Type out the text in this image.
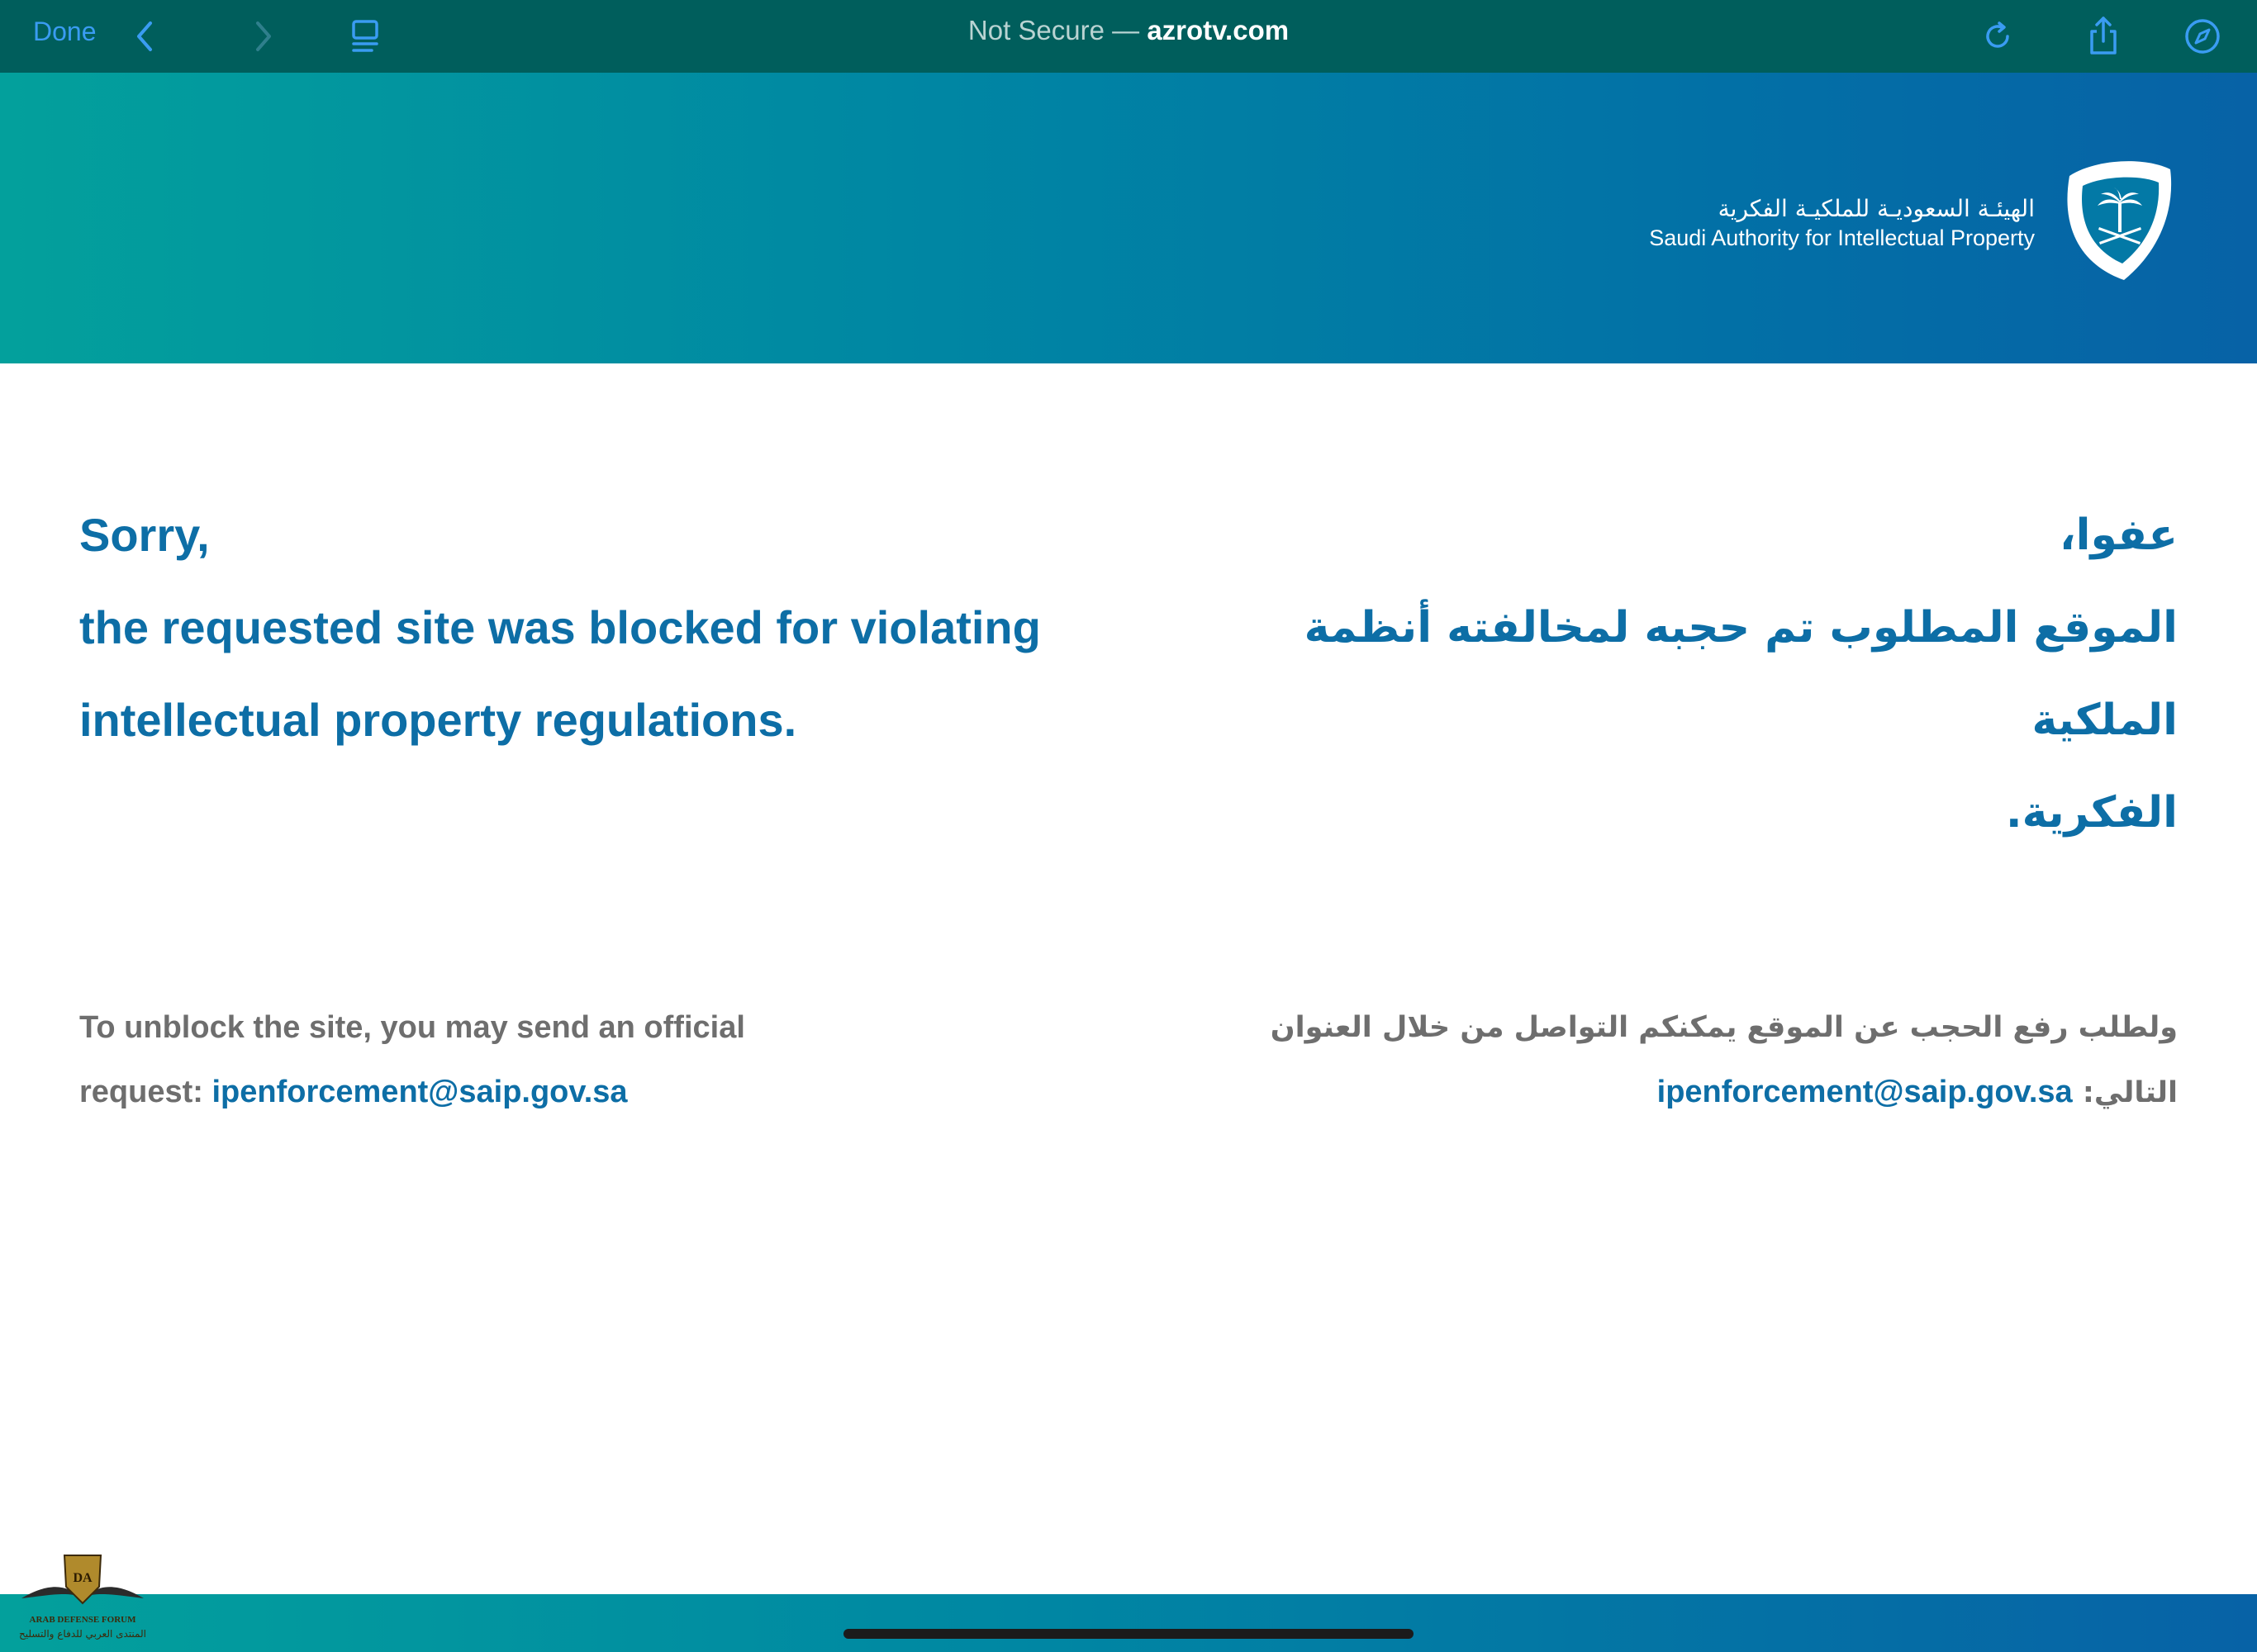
Done	Not Secure — azrotv.com
الهيئـة السعوديـة للملكيـة الفكرية
Saudi Authority for Intellectual Property

Sorry,

the requested site was blocked for violating

intellectual property regulations.

عفوا،

الموقع المطلوب تم حجبه لمخالفته أنظمة الملكية

الفكرية.

To unblock the site, you may send an official

request: ipenforcement@saip.gov.sa

ولطلب رفع الحجب عن الموقع يمكنكم التواصل من خلال العنوان

التالي: ipenforcement@saip.gov.sa

DA
ARAB DEFENSE FORUM
المنتدى العربي للدفاع والتسليح
